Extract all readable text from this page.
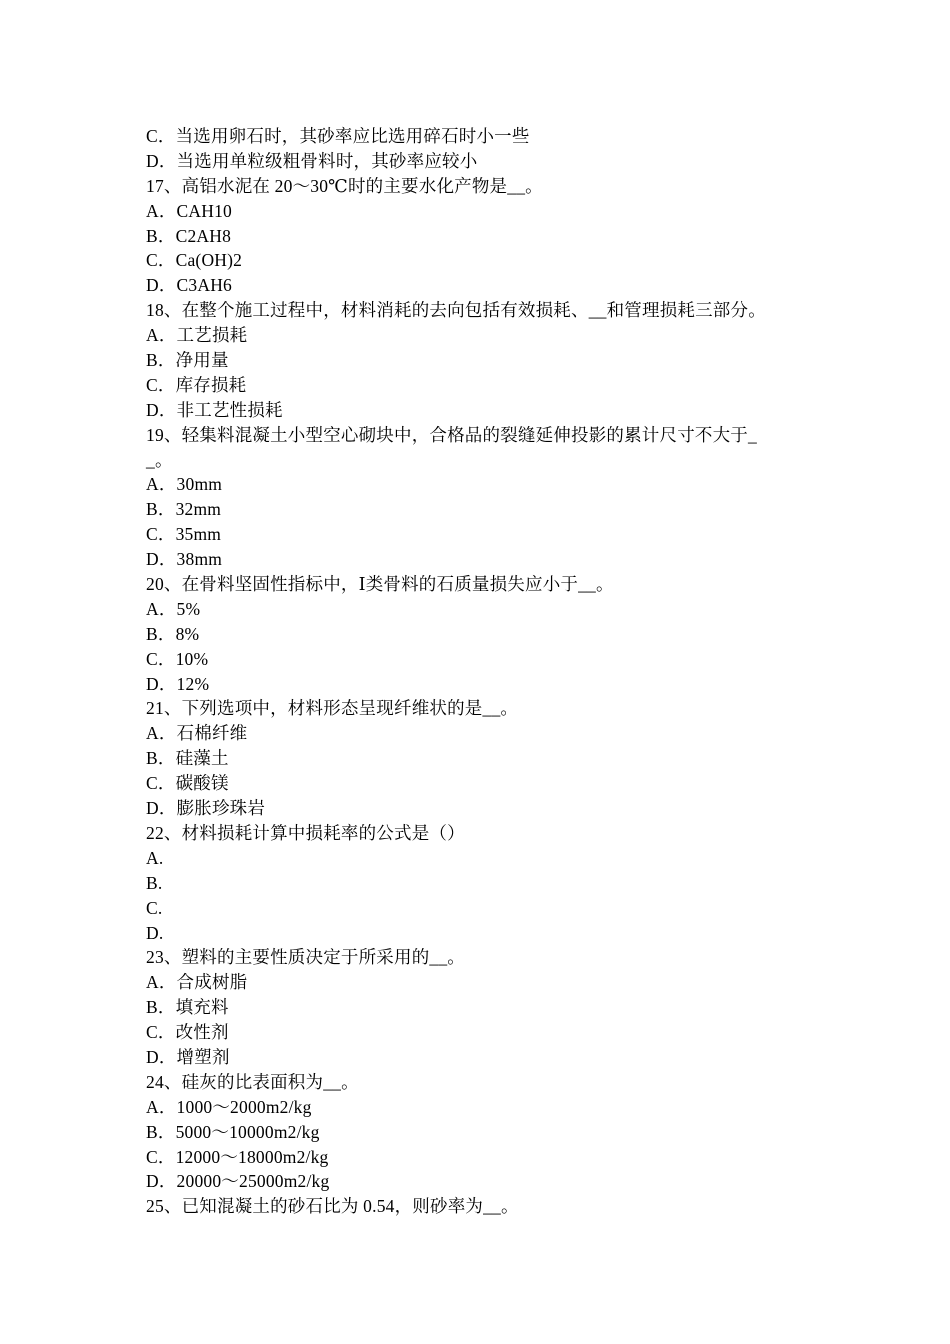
C．当选用卵石时，其砂率应比选用碎石时小一些
D．当选用单粒级粗骨料时，其砂率应较小
17、高铝水泥在 20～30℃时的主要水化产物是__。
A．CAH10
B．C2AH8
C．Ca(OH)2
D．C3AH6
18、在整个施工过程中，材料消耗的去向包括有效损耗、__和管理损耗三部分。
A．工艺损耗
B．净用量
C．库存损耗
D．非工艺性损耗
19、轻集料混凝土小型空心砌块中，合格品的裂缝延伸投影的累计尺寸不大于_
_。
A．30mm
B．32mm
C．35mm
D．38mm
20、在骨料坚固性指标中，Ⅰ类骨料的石质量损失应小于__。
A．5%
B．8%
C．10%
D．12%
21、下列选项中，材料形态呈现纤维状的是__。
A．石棉纤维
B．硅藻土
C．碳酸镁
D．膨胀珍珠岩
22、材料损耗计算中损耗率的公式是（）
A.
B.
C.
D.
23、塑料的主要性质决定于所采用的__。
A．合成树脂
B．填充料
C．改性剂
D．增塑剂
24、硅灰的比表面积为__。
A．1000～2000m2/kg
B．5000～10000m2/kg
C．12000～18000m2/kg
D．20000～25000m2/kg
25、已知混凝土的砂石比为 0.54，则砂率为__。
